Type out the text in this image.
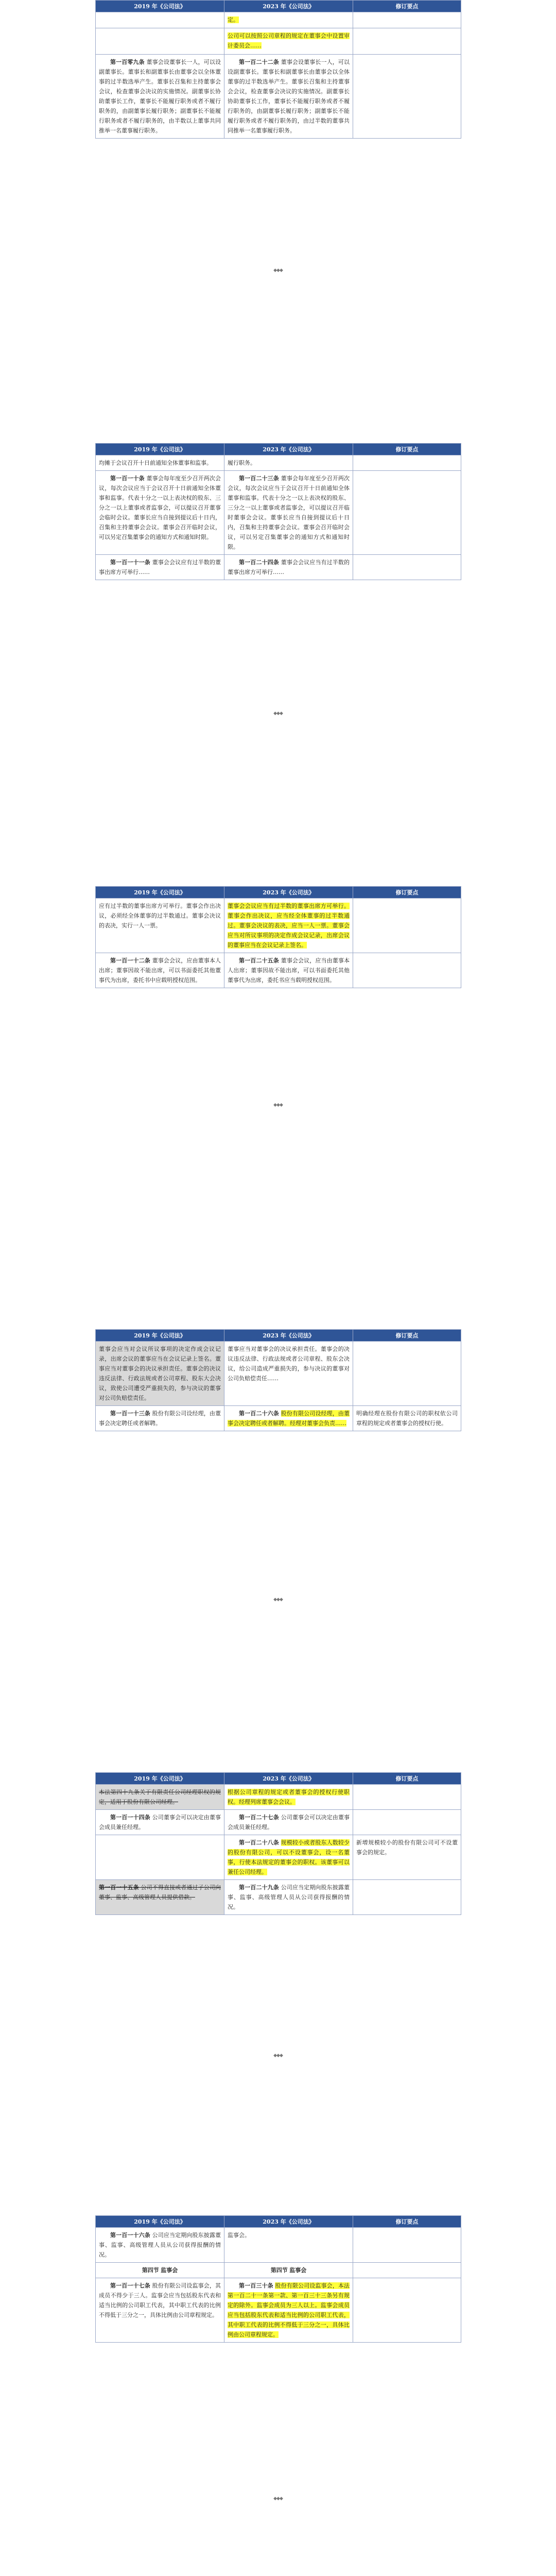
2019 年《公司法》	2023 年《公司法》	修订要点
	定。	
	公司可以按照公司章程的规定在董事会中设置审计委员会……	

第一百零九条 董事会设董事长一人，可以设副董事长。董事长和副董事长由董事会以全体董事的过半数选举产生。董事长召集和主持董事会会议，检查董事会决议的实施情况。副董事长协助董事长工作，董事长不能履行职务或者不履行职务的，由副董事长履行职务；副董事长不能履行职务或者不履行职务的，由半数以上董事共同推举一名董事履行职务。	第一百二十二条 董事会设董事长一人，可以设副董事长。董事长和副董事长由董事会以全体董事的过半数选举产生。董事长召集和主持董事会会议，检查董事会决议的实施情况。副董事长协助董事长工作，董事长不能履行职务或者不履行职务的，由副董事长履行职务；副董事长不能履行职务或者不履行职务的，由过半数的董事共同推举一名董事履行职务。	

◆◆◆
2019 年《公司法》	2023 年《公司法》	修订要点
均摊于会议召开十日前通知全体董事和监事。	履行职务。	

第一百一十条 董事会每年度至少召开两次会议，每次会议应当于会议召开十日前通知全体董事和监事。代表十分之一以上表决权的股东、三分之一以上董事或者监事会，可以提议召开董事会临时会议。董事长应当自接到提议后十日内，召集和主持董事会会议。董事会召开临时会议，可以另定召集董事会的通知方式和通知时限。	第一百二十三条 董事会每年度至少召开两次会议，每次会议应当于会议召开十日前通知全体董事和监事。代表十分之一以上表决权的股东、三分之一以上董事或者监事会，可以提议召开临时董事会会议。董事长应当自接到提议后十日内，召集和主持董事会会议。董事会召开临时会议，可以另定召集董事会的通知方式和通知时限。	

第一百一十一条 董事会会议应有过半数的董事出席方可举行……	第一百二十四条 董事会会议应当有过半数的董事出席方可举行……	

◆◆◆
2019 年《公司法》	2023 年《公司法》	修订要点
应有过半数的董事出席方可举行。董事会作出决议，必须经全体董事的过半数通过。董事会决议的表决，实行一人一票。	董事会会议应当有过半数的董事出席方可举行。董事会作出决议，应当经全体董事的过半数通过。董事会决议的表决，应当一人一票。董事会应当对所议事项的决定作成会议记录，出席会议的董事应当在会议记录上签名。	

第一百一十二条 董事会会议，应由董事本人出席；董事因故不能出席，可以书面委托其他董事代为出席，委托书中应载明授权范围。	第一百二十五条 董事会会议，应当由董事本人出席；董事因故不能出席，可以书面委托其他董事代为出席，委托书应当载明授权范围。	

◆◆◆
2019 年《公司法》	2023 年《公司法》	修订要点
董事会应当对会议所议事项的决定作成会议记录，出席会议的董事应当在会议记录上签名。董事应当对董事会的决议承担责任。董事会的决议违反法律、行政法规或者公司章程、股东大会决议，致使公司遭受严重损失的，参与决议的董事对公司负赔偿责任。	董事应当对董事会的决议承担责任。董事会的决议违反法律、行政法规或者公司章程、股东会决议，给公司造成严重损失的，参与决议的董事对公司负赔偿责任……	

第一百一十三条 股份有限公司设经理，由董事会决定聘任或者解聘。	第一百二十六条 股份有限公司设经理，由董事会决定聘任或者解聘。经理对董事会负责……	明确经理在股份有限公司的职权依公司章程的规定或者董事会的授权行使。
◆◆◆
2019 年《公司法》	2023 年《公司法》	修订要点
本法第四十九条关于有限责任公司经理职权的规定，适用于股份有限公司经理。	根据公司章程的规定或者董事会的授权行使职权。经理列席董事会会议。	

第一百一十四条 公司董事会可以决定由董事会成员兼任经理。	第一百二十七条 公司董事会可以决定由董事会成员兼任经理。	

	第一百二十八条 规模较小或者股东人数较少的股份有限公司，可以不设董事会，设一名董事，行使本法规定的董事会的职权。该董事可以兼任公司经理。	新增规模较小的股份有限公司可不设董事会的规定。
第一百一十五条 公司不得直接或者通过子公司向董事、监事、高级管理人员提供借款。	第一百二十九条 公司应当定期向股东披露董事、监事、高级管理人员从公司获得报酬的情况。	

◆◆◆
2019 年《公司法》	2023 年《公司法》	修订要点

第一百一十六条 公司应当定期向股东披露董事、监事、高级管理人员从公司获得报酬的情况。	监事会。	
第四节 监事会	第四节 监事会	

第一百一十七条 股份有限公司设监事会，其成员不得少于三人。监事会应当包括股东代表和适当比例的公司职工代表，其中职工代表的比例不得低于三分之一，具体比例由公司章程规定。	第一百三十条 股份有限公司设监事会，本法第一百二十一条第一款、第一百三十三条另有规定的除外。监事会成员为三人以上。监事会成员应当包括股东代表和适当比例的公司职工代表，其中职工代表的比例不得低于三分之一，具体比例由公司章程规定。	

◆◆◆
